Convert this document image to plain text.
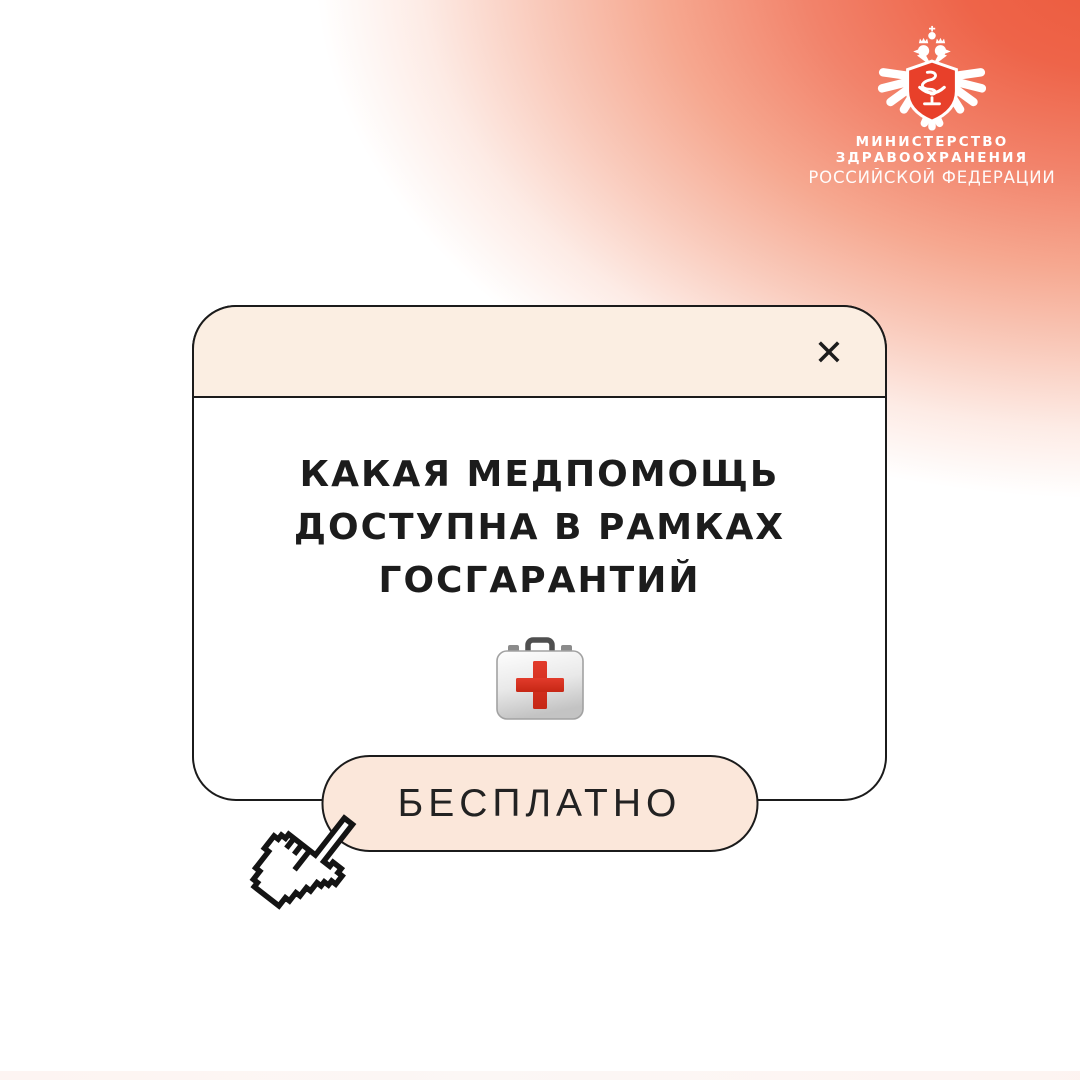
МИНИСТЕРСТВО
ЗДРАВООХРАНЕНИЯ
РОССИЙСКОЙ ФЕДЕРАЦИИ
✕
КАКАЯ МЕДПОМОЩЬ
ДОСТУПНА В РАМКАХ
ГОСГАРАНТИЙ
БЕСПЛАТНО
